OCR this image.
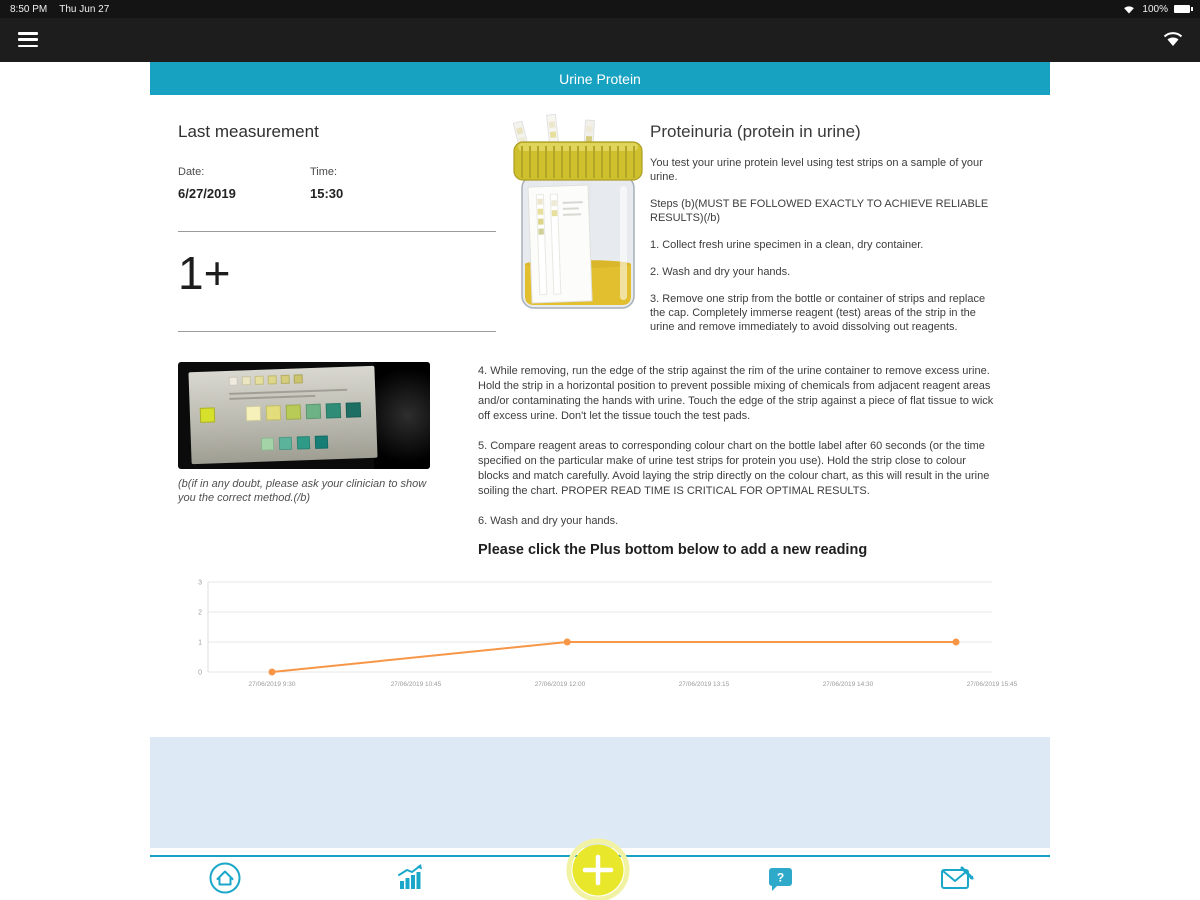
8:50 PM Thu Jun 27	100%
Urine Protein
Last measurement
Date:
6/27/2019
Time:
15:30
1+
(b(if in any doubt, please ask your clinician to show you the correct method.(/b)
Proteinuria (protein in urine)

You test your urine protein level using test strips on a sample of your urine.

Steps (b)(MUST BE FOLLOWED EXACTLY TO ACHIEVE RELIABLE RESULTS)(/b)

1. Collect fresh urine specimen in a clean, dry container.

2. Wash and dry your hands.

3. Remove one strip from the bottle or container of strips and replace the cap. Completely immerse reagent (test) areas of the strip in the urine and remove immediately to avoid dissolving out reagents.

4. While removing, run the edge of the strip against the rim of the urine container to remove excess urine. Hold the strip in a horizontal position to prevent possible mixing of chemicals from adjacent reagent areas and/or contaminating the hands with urine. Touch the edge of the strip against a piece of flat tissue to wick off excess urine. Don't let the tissue touch the test pads.

5. Compare reagent areas to corresponding colour chart on the bottle label after 60 seconds (or the time specified on the particular make of urine test strips for protein you use). Hold the strip close to colour blocks and match carefully. Avoid laying the strip directly on the colour chart, as this will result in the urine soiling the chart. PROPER READ TIME IS CRITICAL FOR OPTIMAL RESULTS.

6. Wash and dry your hands.

Please click the Plus bottom below to add a new reading
0
1
2
3
27/06/2019 9:30	27/06/2019 10:45	27/06/2019 12:00	27/06/2019 13:15	27/06/2019 14:30	27/06/2019 15:45
?
